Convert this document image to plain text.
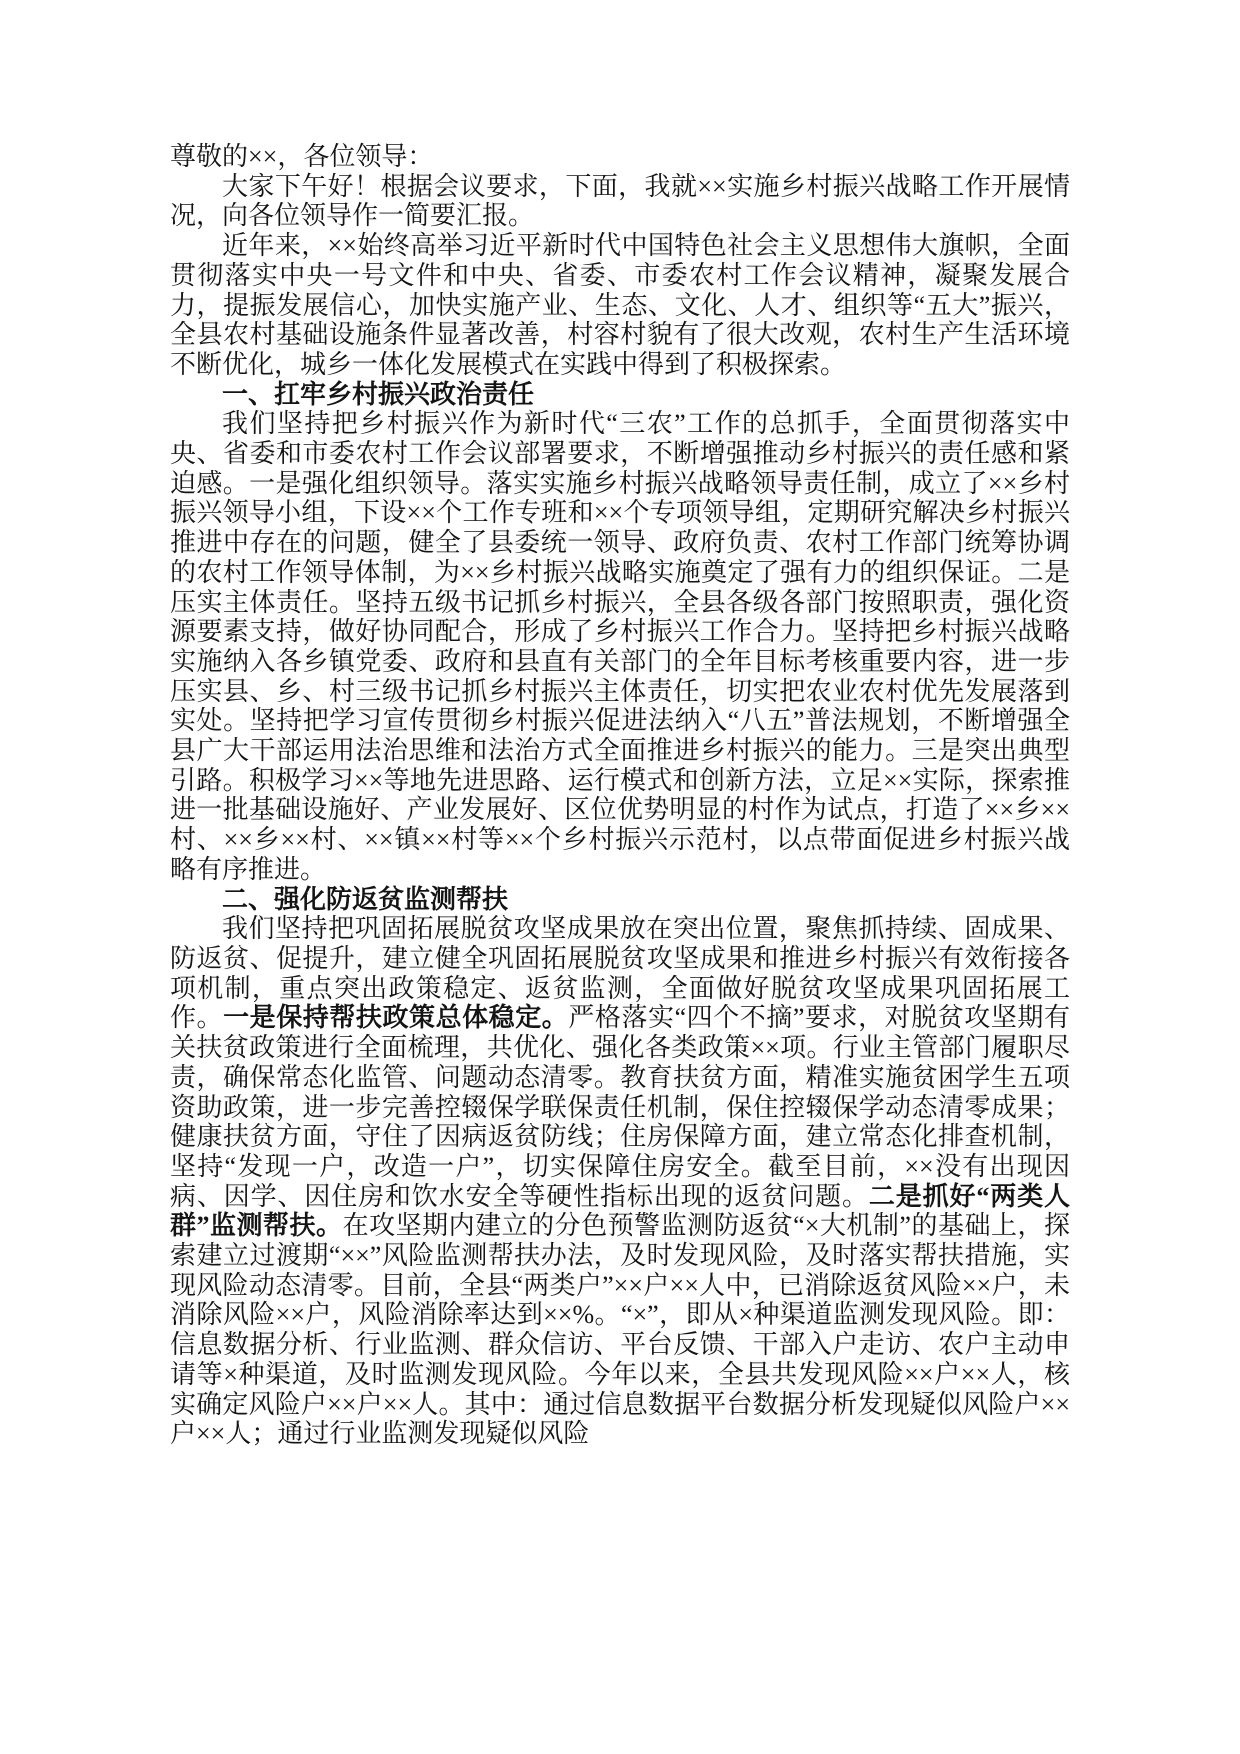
尊敬的××，各位领导：

大家下午好！根据会议要求，下面，我就××实施乡村振兴战略工作开展情况，向各位领导作一简要汇报。

近年来，××始终高举习近平新时代中国特色社会主义思想伟大旗帜，全面贯彻落实中央一号文件和中央、省委、市委农村工作会议精神，凝聚发展合力，提振发展信心，加快实施产业、生态、文化、人才、组织等“五大”振兴，全县农村基础设施条件显著改善，村容村貌有了很大改观，农村生产生活环境不断优化，城乡一体化发展模式在实践中得到了积极探索。

一、扛牢乡村振兴政治责任

我们坚持把乡村振兴作为新时代“三农”工作的总抓手，全面贯彻落实中央、省委和市委农村工作会议部署要求，不断增强推动乡村振兴的责任感和紧迫感。一是强化组织领导。落实实施乡村振兴战略领导责任制，成立了××乡村振兴领导小组，下设××个工作专班和××个专项领导组，定期研究解决乡村振兴推进中存在的问题，健全了县委统一领导、政府负责、农村工作部门统筹协调的农村工作领导体制，为××乡村振兴战略实施奠定了强有力的组织保证。二是压实主体责任。坚持五级书记抓乡村振兴，全县各级各部门按照职责，强化资源要素支持，做好协同配合，形成了乡村振兴工作合力。坚持把乡村振兴战略实施纳入各乡镇党委、政府和县直有关部门的全年目标考核重要内容，进一步压实县、乡、村三级书记抓乡村振兴主体责任，切实把农业农村优先发展落到实处。坚持把学习宣传贯彻乡村振兴促进法纳入“八五”普法规划，不断增强全县广大干部运用法治思维和法治方式全面推进乡村振兴的能力。三是突出典型引路。积极学习××等地先进思路、运行模式和创新方法，立足××实际，探索推进一批基础设施好、产业发展好、区位优势明显的村作为试点，打造了××乡××村、××乡××村、××镇××村等××个乡村振兴示范村，以点带面促进乡村振兴战略有序推进。

二、强化防返贫监测帮扶

我们坚持把巩固拓展脱贫攻坚成果放在突出位置，聚焦抓持续、固成果、防返贫、促提升，建立健全巩固拓展脱贫攻坚成果和推进乡村振兴有效衔接各项机制，重点突出政策稳定、返贫监测，全面做好脱贫攻坚成果巩固拓展工作。一是保持帮扶政策总体稳定。严格落实“四个不摘”要求，对脱贫攻坚期有关扶贫政策进行全面梳理，共优化、强化各类政策××项。行业主管部门履职尽责，确保常态化监管、问题动态清零。教育扶贫方面，精准实施贫困学生五项资助政策，进一步完善控辍保学联保责任机制，保住控辍保学动态清零成果；健康扶贫方面，守住了因病返贫防线；住房保障方面，建立常态化排查机制，坚持“发现一户，改造一户”，切实保障住房安全。截至目前，××没有出现因病、因学、因住房和饮水安全等硬性指标出现的返贫问题。二是抓好“两类人群”监测帮扶。在攻坚期内建立的分色预警监测防返贫“×大机制”的基础上，探索建立过渡期“××”风险监测帮扶办法，及时发现风险，及时落实帮扶措施，实现风险动态清零。目前，全县“两类户”××户××人中，已消除返贫风险××户，未消除风险××户，风险消除率达到××%。“×”，即从×种渠道监测发现风险。即：信息数据分析、行业监测、群众信访、平台反馈、干部入户走访、农户主动申请等×种渠道，及时监测发现风险。今年以来，全县共发现风险××户××人，核实确定风险户××户××人。其中：通过信息数据平台数据分析发现疑似风险户××户××人；通过行业监测发现疑似风险
